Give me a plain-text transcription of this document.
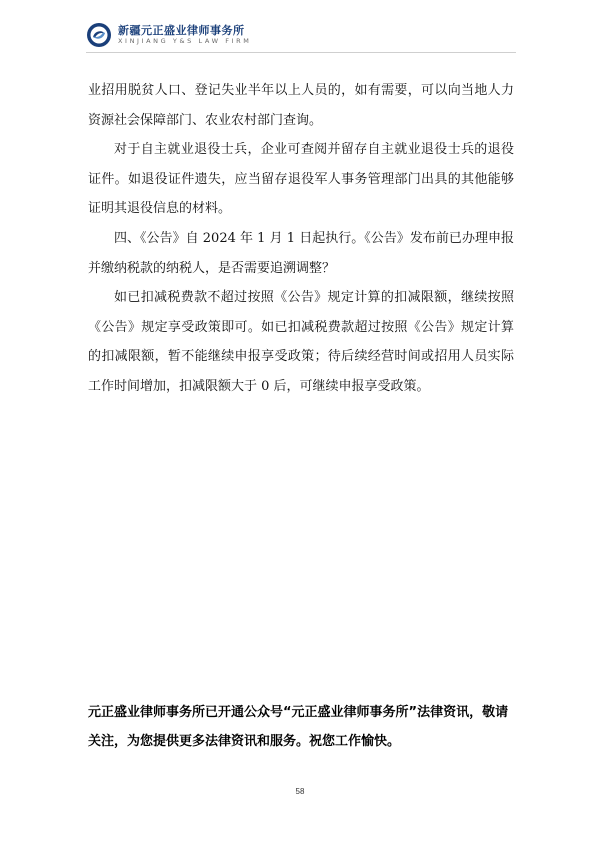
新疆元正盛业律师事务所
XINJIANG Y&S LAW FIRM

业招用脱贫人口、登记失业半年以上人员的，如有需要，可以向当地人力资源社会保障部门、农业农村部门查询。

对于自主就业退役士兵，企业可查阅并留存自主就业退役士兵的退役证件。如退役证件遗失，应当留存退役军人事务管理部门出具的其他能够证明其退役信息的材料。

四、《公告》自 2024 年 1 月 1 日起执行。《公告》发布前已办理申报并缴纳税款的纳税人，是否需要追溯调整？

如已扣减税费款不超过按照《公告》规定计算的扣减限额，继续按照《公告》规定享受政策即可。如已扣减税费款超过按照《公告》规定计算的扣减限额，暂不能继续申报享受政策；待后续经营时间或招用人员实际工作时间增加，扣减限额大于 0 后，可继续申报享受政策。

元正盛业律师事务所已开通公众号“元正盛业律师事务所”法律资讯，敬请关注，为您提供更多法律资讯和服务。祝您工作愉快。

58
